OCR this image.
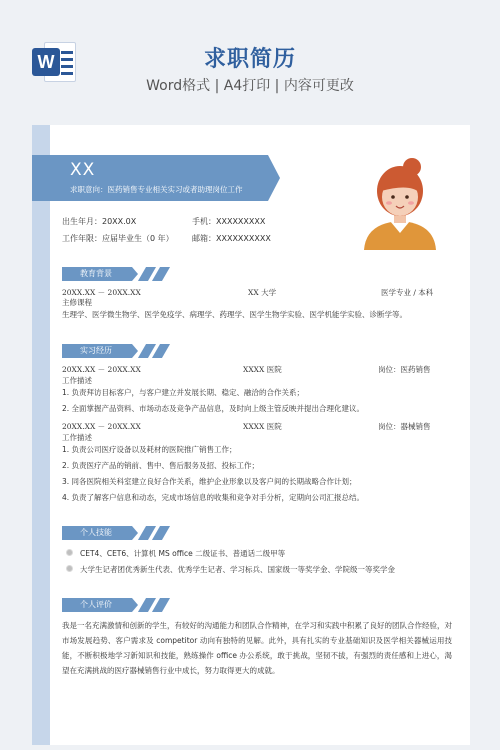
W	求职简历
Word格式 | A4打印 | 内容可更改
XX
求职意向：医药销售专业相关实习或者助理岗位工作
出生年月：20XX.0X	手机：XXXXXXXXX
工作年限：应届毕业生（0 年） 邮箱：XXXXXXXXXX
教育背景
20XX.XX － 20XX.XX	XX 大学	医学专业 / 本科
主修课程
生理学、医学微生物学、医学免疫学、病理学、药理学、医学生物学实验、医学机能学实验、诊断学等。
实习经历
20XX.XX － 20XX.XX	XXXX 医院	岗位：医药销售
工作描述
1. 负责拜访目标客户，与客户建立并发展长期、稳定、融洽的合作关系；
2. 全面掌握产品资料、市场动态及竞争产品信息，及时向上级主管反映并提出合理化建议。
20XX.XX － 20XX.XX	XXXX 医院	岗位：器械销售
工作描述
1. 负责公司医疗设备以及耗材的医院推广销售工作；
2. 负责医疗产品的销前、售中、售后服务及招、投标工作；
3. 同各医院相关科室建立良好合作关系，维护企业形象以及客户间的长期战略合作计划；
4. 负责了解客户信息和动态，完成市场信息的收集和竞争对手分析，定期向公司汇报总结。
个人技能
CET4、CET6、计算机 MS office 二级证书、普通话二级甲等
大学生记者团优秀新生代表、优秀学生记者、学习标兵、国家级一等奖学金、学院级一等奖学金
个人评价
我是一名充满激情和创新的学生，有较好的沟通能力和团队合作精神，在学习和实践中积累了良好的团队合作经验，对市场发展趋势、客户需求及 competitor 动向有独特的见解。此外，具有扎实的专业基础知识及医学相关器械运用技能，不断积极地学习新知识和技能，熟练操作 office 办公系统，敢于挑战，坚韧不拔，有强烈的责任感和上进心，渴望在充满挑战的医疗器械销售行业中成长，努力取得更大的成就。
